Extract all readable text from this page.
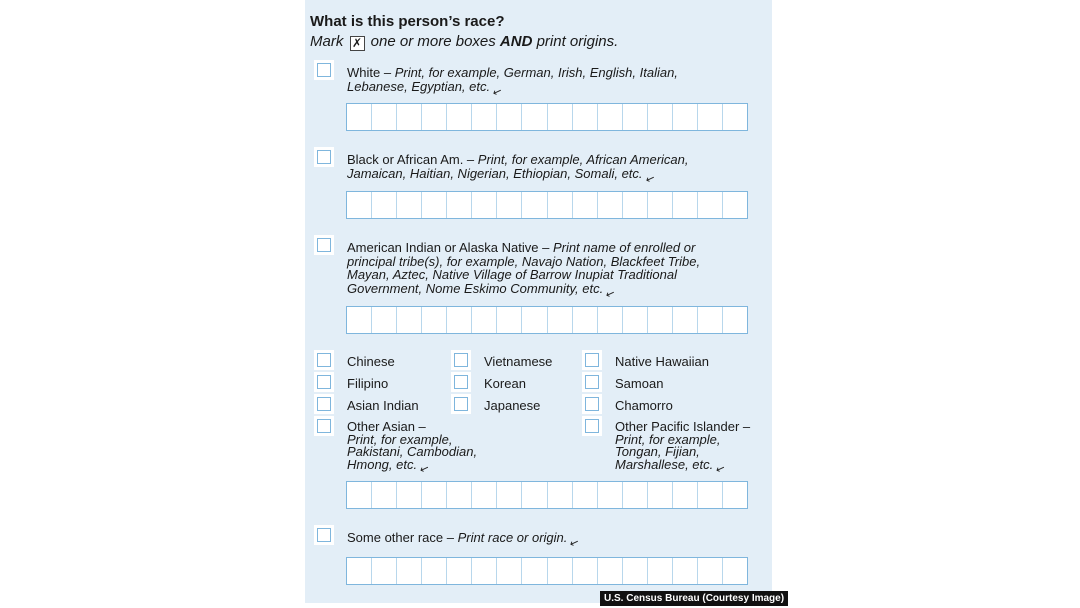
What is this person’s race?
Mark ✗ one or more boxes AND print origins.
White – Print, for example, German, Irish, English, Italian,
Lebanese, Egyptian, etc.↗
Black or African Am. – Print, for example, African American,
Jamaican, Haitian, Nigerian, Ethiopian, Somali, etc.↗
American Indian or Alaska Native – Print name of enrolled or
principal tribe(s), for example, Navajo Nation, Blackfeet Tribe,
Mayan, Aztec, Native Village of Barrow Inupiat Traditional
Government, Nome Eskimo Community, etc.↗
Chinese
Filipino
Asian Indian
Vietnamese
Korean
Japanese
Native Hawaiian
Samoan
Chamorro
Other Asian –
Print, for example,
Pakistani, Cambodian,
Hmong, etc.↗
Other Pacific Islander –
Print, for example,
Tongan, Fijian,
Marshallese, etc.↗
Some other race – Print race or origin.↗
U.S. Census Bureau (Courtesy Image)
